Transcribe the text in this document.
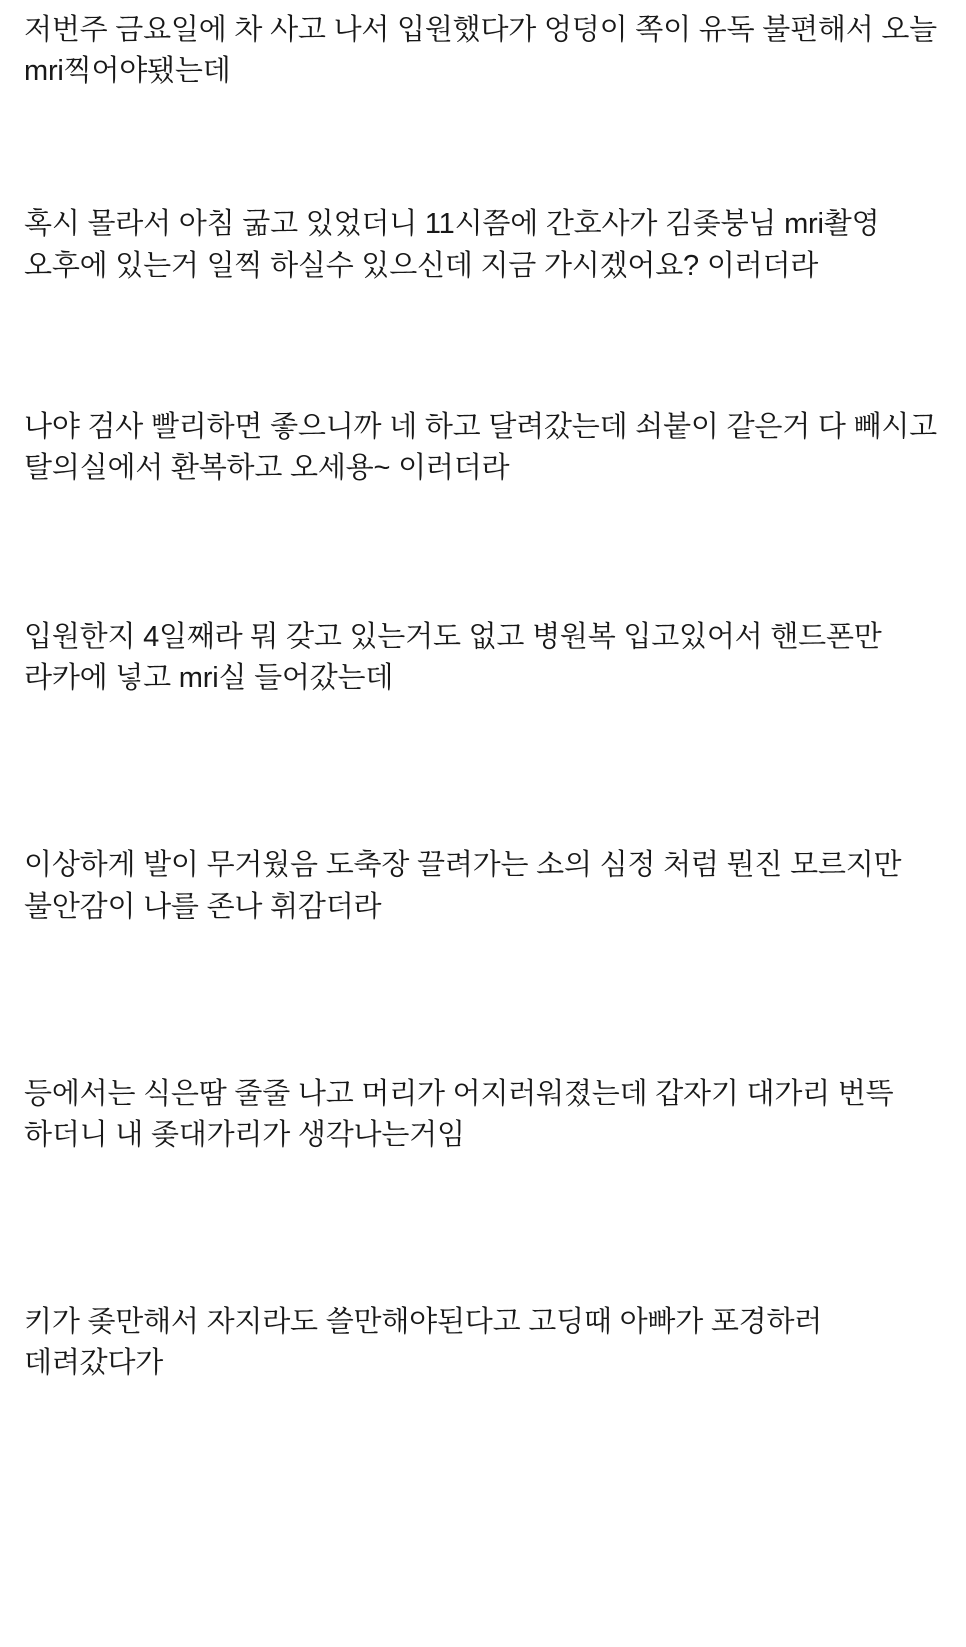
저번주 금요일에 차 사고 나서 입원했다가 엉덩이 쪽이 유독 불편해서 오늘 mri찍어야됐는데

혹시 몰라서 아침 굶고 있었더니 11시쯤에 간호사가 김좆붕님 mri촬영 오후에 있는거 일찍 하실수 있으신데 지금 가시겠어요? 이러더라

나야 검사 빨리하면 좋으니까 네 하고 달려갔는데 쇠붙이 같은거 다 빼시고 탈의실에서 환복하고 오세용~ 이러더라

입원한지 4일째라 뭐 갖고 있는거도 없고 병원복 입고있어서 핸드폰만 라카에 넣고 mri실 들어갔는데

이상하게 발이 무거웠음 도축장 끌려가는 소의 심정 처럼 뭔진 모르지만 불안감이 나를 존나 휘감더라

등에서는 식은땀 줄줄 나고 머리가 어지러워졌는데 갑자기 대가리 번뜩 하더니 내 좆대가리가 생각나는거임

키가 좆만해서 자지라도 쓸만해야된다고 고딩때 아빠가 포경하러 데려갔다가
